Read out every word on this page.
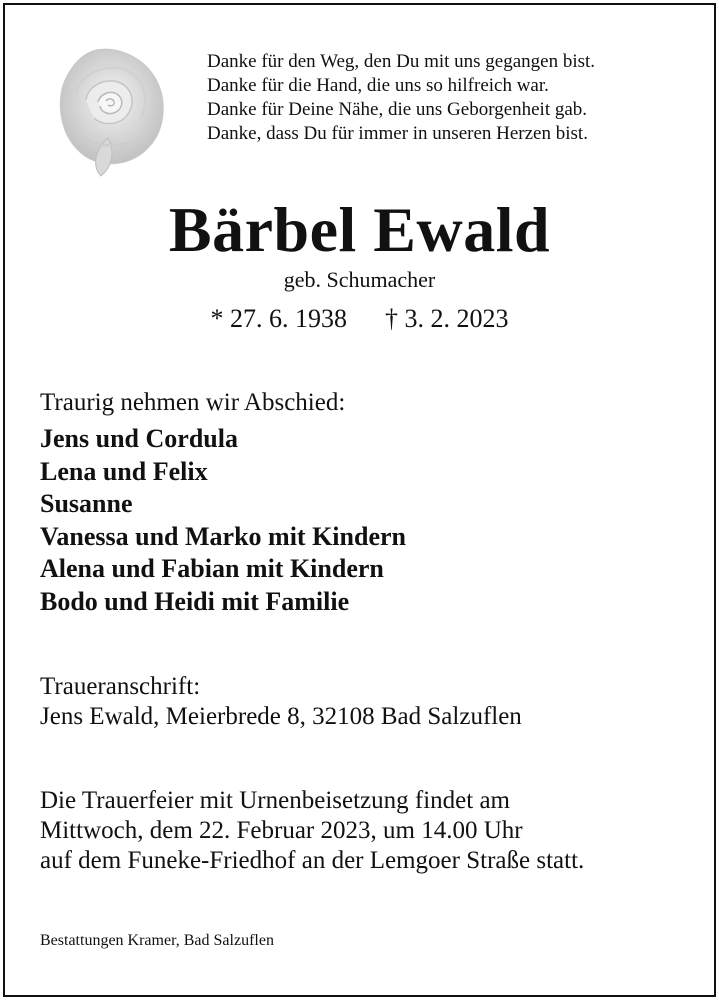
Danke für den Weg, den Du mit uns gegangen bist.
Danke für die Hand, die uns so hilfreich war.
Danke für Deine Nähe, die uns Geborgenheit gab.
Danke, dass Du für immer in unseren Herzen bist.
Bärbel Ewald
geb. Schumacher
* 27. 6. 1938 † 3. 2. 2023
Traurig nehmen wir Abschied:
Jens und Cordula
Lena und Felix
Susanne
Vanessa und Marko mit Kindern
Alena und Fabian mit Kindern
Bodo und Heidi mit Familie
Traueranschrift:
Jens Ewald, Meierbrede 8, 32108 Bad Salzuflen
Die Trauerfeier mit Urnenbeisetzung findet am
Mittwoch, dem 22. Februar 2023, um 14.00 Uhr
auf dem Funeke-Friedhof an der Lemgoer Straße statt.
Bestattungen Kramer, Bad Salzuflen
